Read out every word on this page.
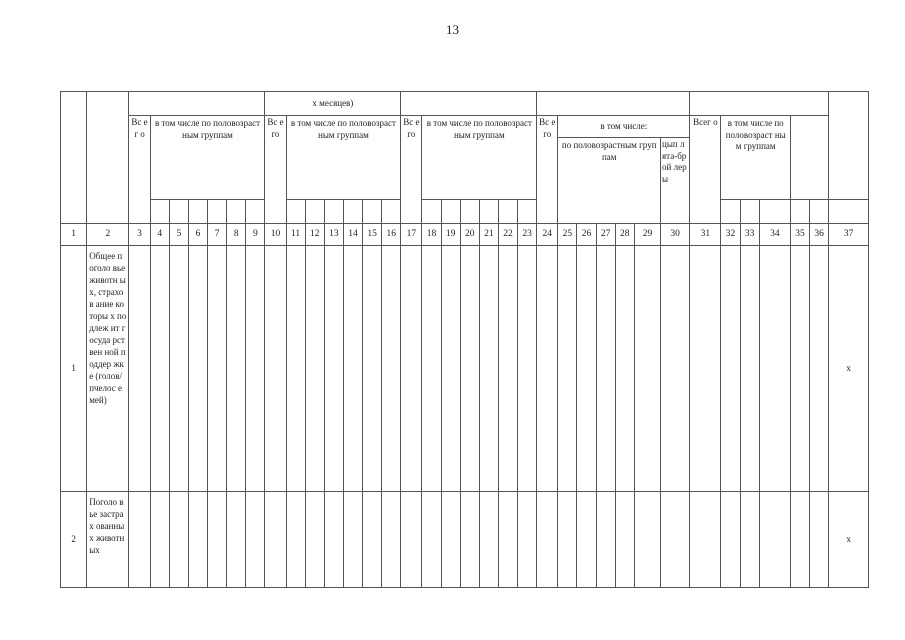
13
									х месяцев)																											
		Вс ег о	в том числе по половозрастным группам						Вс его	в том числе по половозрастным группам						Вс его	в том числе по половозрастным группам						Вс его	в том числе:						Всег о	в том числе по половозраст ным группам					
																								по половозрастным группам					цып лята-брой леры							

1	2	3	4	5	6	7	8	9	10	11	12	13	14	15	16	17	18	19	20	21	22	23	24	25	26	27	28	29	30	31	32	33	34	35	36	37
1	Общее поголо вье животн ых, страхов ание которы х подлеж ит госуда рствен ной поддер жке (голов/ пчелос емей)																																			х
2	Поголо вье застрах ованны х животн ых																																			х
